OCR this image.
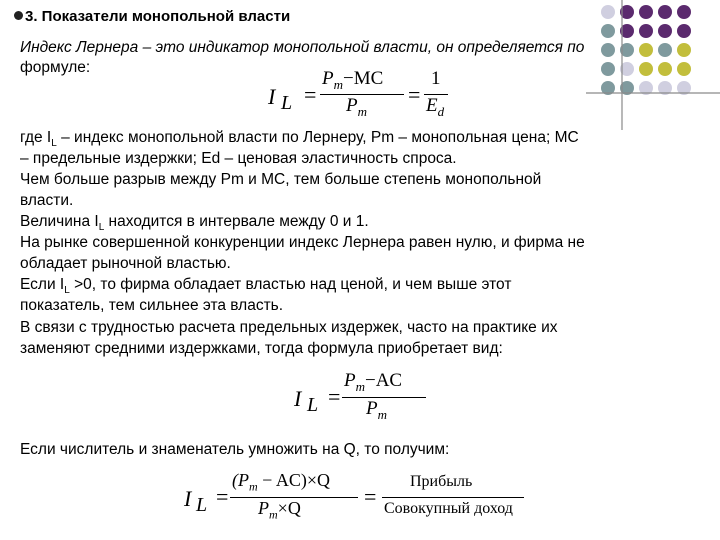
3. Показатели монопольной власти
Индекс Лернера – это индикатор монопольной власти, он определяется по
формуле:
I L =
$P_m-MC$
$P_m$
=
1
$E_d$
где $I_L$ – индекс монопольной власти по Лернеру, Pm – монопольная цена; MC
– предельные издержки; Ed – ценовая эластичность спроса.
Чем больше разрыв между Pm и MC, тем больше степень монопольной
власти.
Величина $I_L$ находится в интервале между 0 и 1.
На рынке совершенной конкуренции индекс Лернера равен нулю, и фирма не
обладает рыночной властью.
Если $I_L >0$, то фирма обладает властью над ценой, и чем выше этот
показатель, тем сильнее эта власть.
В связи с трудностью расчета предельных издержек, часто на практике их
заменяют средними издержками, тогда формула приобретает вид:
I L =
$P_m-AC$
$P_m$
Если числитель и знаменатель умножить на Q, то получим:
I L =
$(P_m - AC)\times Q$
$P_m\times Q$	=
Прибыль
Совокупный доход
